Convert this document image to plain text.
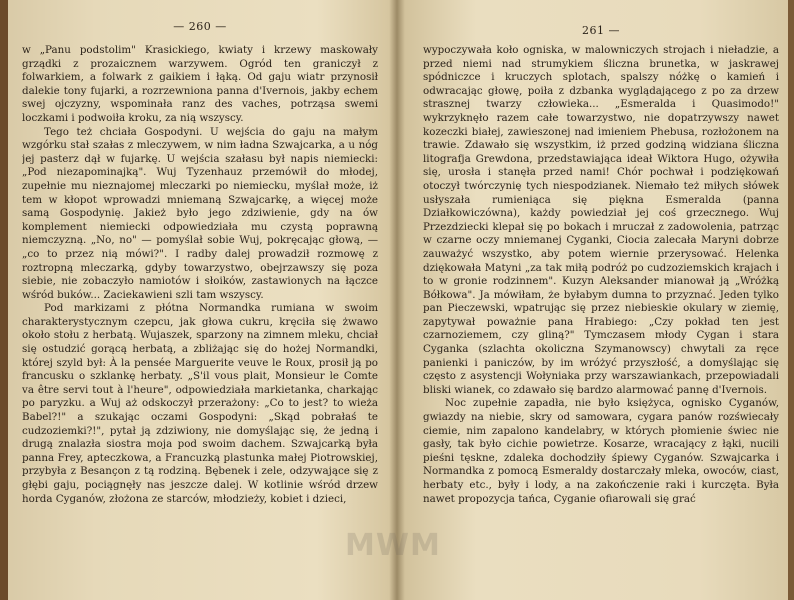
— 260 —

w „Panu podstolim" Krasickiego, kwiaty i krzewy maskowały grządki z prozaicznem warzywem. Ogród ten graniczył z folwarkiem, a folwark z gaikiem i łąką. Od gaju wiatr przynosił dalekie tony fujarki, a rozrzewniona panna d'Ivernois, jakby echem swej ojczyzny, wspominała ranz des vaches, potrząsa swemi loczkami i podwoiła kroku, za nią wszyscy.

Tego też chciała Gospodyni. U wejścia do gaju na małym wzgórku stał szałas z mleczywem, w nim ładna Szwajcarka, a u nóg jej pasterz dął w fujarkę. U wejścia szałasu był napis niemiecki: „Pod niezapominajką". Wuj Tyzenhauz przemówił do młodej, zupełnie mu nieznajomej mleczarki po niemiecku, myślał może, iż tem w kłopot wprowadzi mniemaną Szwajcarkę, a więcej może samą Gospodynię. Jakież było jego zdziwienie, gdy na ów komplement niemiecki odpowiedziała mu czystą poprawną niemczyzną. „No, no" — pomyślał sobie Wuj, pokręcając głową, — „co to przez nią mówi?". I radby dalej prowadził rozmowę z roztropną mleczarką, gdyby towarzystwo, obejrzawszy się poza siebie, nie zobaczyło namiotów i słoików, zastawionych na łączce wśród buków... Zaciekawieni szli tam wszyscy.

Pod markizami z płótna Normandka rumiana w swoim charakterystycznym czepcu, jak głowa cukru, kręciła się żwawo około stołu z herbatą. Wujaszek, sparzony na zimnem mleku, chciał się ostudzić gorącą herbatą, a zbliżając się do hożej Normandki, której szyld był: À la pensée Marguerite veuve le Roux, prosił ją po francusku o szklankę herbaty. „S'il vous plait, Monsieur le Comte va être servi tout à l'heure", odpowiedziała markietanka, charkając po paryzku. a Wuj aż odskoczył przerażony: „Co to jest? to wieża Babel?!" a szukając oczami Gospodyni: „Skąd pobrałaś te cudzoziemki?!", pytał ją zdziwiony, nie domyślając się, że jedną i drugą znalazła siostra moja pod swoim dachem. Szwajcarką była panna Frey, apteczkowa, a Francuzką plastunka małej Piotrowskiej, przybyła z Besançon z tą rodziną. Bębenek i zele, odzywające się z głębi gaju, pociągnęły nas jeszcze dalej. W kotlinie wśród drzew horda Cyganów, złożona ze starców, młodzieży, kobiet i dzieci,

261 —

wypoczywała koło ogniska, w malowniczych strojach i nieładzie, a przed niemi nad strumykiem śliczna brunetka, w jaskrawej spódniczce i kruczych splotach, spalszy nóżkę o kamień i odwracając głowę, poiła z dzbanka wyglądającego z po za drzew strasznej twarzy człowieka... „Esmeralda i Quasimodo!" wykrzyknęło razem całe towarzystwo, nie dopatrzywszy nawet kozeczki białej, zawieszonej nad imieniem Phebusa, rozłożonem na trawie. Zdawało się wszystkim, iż przed godziną widziana śliczna litografja Grewdona, przedstawiająca ideał Wiktora Hugo, ożywiła się, urosła i stanęła przed nami! Chór pochwał i podziękowań otoczył twórczynię tych niespodzianek. Niemało też miłych słówek usłyszała rumieniąca się piękna Esmeralda (panna Działkowiczówna), każdy powiedział jej coś grzecznego. Wuj Przezdziecki klepał się po bokach i mruczał z zadowolenia, patrząc w czarne oczy mniemanej Cyganki, Ciocia zalecała Maryni dobrze zauważyć wszystko, aby potem wiernie przerysować. Helenka dziękowała Matyni „za tak miłą podróż po cudzoziemskich krajach i to w gronie rodzinnem". Kuzyn Aleksander mianował ją „Wróżką Bółkowa". Ja mówiłam, że byłabym dumna to przyznać. Jeden tylko pan Pieczewski, wpatrując się przez niebieskie okulary w ziemię, zapytywał poważnie pana Hrabiego: „Czy pokład ten jest czarnoziemem, czy gliną?" Tymczasem młody Cygan i stara Cyganka (szlachta okoliczna Szymanowscy) chwytali za ręce panienki i paniczów, by im wróżyć przyszłość, a domyślając się często z asystencji Wołyniaka przy warszawiankach, przepowiadali bliski wianek, co zdawało się bardzo alarmować pannę d'Ivernois.

Noc zupełnie zapadła, nie było księżyca, ognisko Cyganów, gwiazdy na niebie, skry od samowara, cygara panów rozświecały ciemie, nim zapalono kandelabry, w których płomienie świec nie gasły, tak było cichie powietrze. Kosarze, wracający z łąki, nucili pieśni tęskne, zdaleka dochodziły śpiewy Cyganów. Szwajcarka i Normandka z pomocą Esmeraldy dostarczały mleka, owoców, ciast, herbaty etc., były i lody, a na zakończenie raki i kurczęta. Była nawet propozycja tańca, Cyganie ofiarowali się grać

MWM
